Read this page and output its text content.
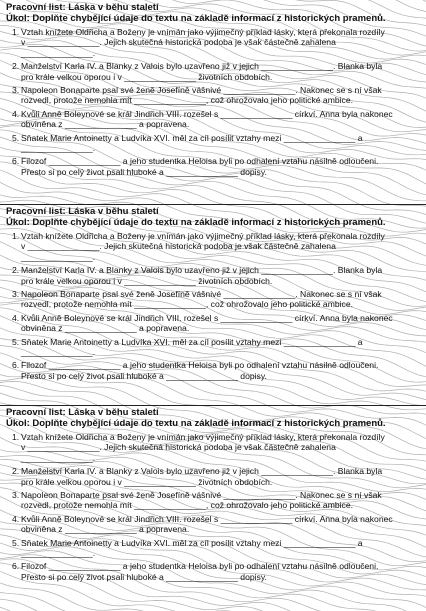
Pracovní list: Láska v běhu staletí
Úkol: Doplňte chybějící údaje do textu na základě informací z historických pramenů.
1. Vztah knížete Oldřicha a Boženy je vnímán jako výjimečný příklad lásky, která překonala rozdíly
v _______________. Jejich skutečná historická podoba je však částečně zahalena
_______________.
2. Manželství Karla IV. a Blanky z Valois bylo uzavřeno již v jejich _______________. Blanka byla
pro krále velkou oporou i v _______________ životních obdobích.
3. Napoleon Bonaparte psal své ženě Josefíně vášnivé _______________. Nakonec se s ní však
rozvedl, protože nemohla mít _______________, což ohrožovalo jeho politické ambice.
4. Kvůli Anně Boleynové se král Jindřich VIII. rozešel s _______________ církví. Anna byla nakonec
obviněna z _______________ a popravena.
5. Sňatek Marie Antoinetty a Ludvíka XVI. měl za cíl posílit vztahy mezi _______________ a
_______________.
6. Filozof _______________ a jeho studentka Heloisa byli po odhalení vztahu násilně odloučeni.
Přesto si po celý život psali hluboké a _______________ dopisy.
Pracovní list: Láska v běhu staletí
Úkol: Doplňte chybějící údaje do textu na základě informací z historických pramenů.
1. Vztah knížete Oldřicha a Boženy je vnímán jako výjimečný příklad lásky, která překonala rozdíly
v _______________. Jejich skutečná historická podoba je však částečně zahalena
_______________.
2. Manželství Karla IV. a Blanky z Valois bylo uzavřeno již v jejich _______________. Blanka byla
pro krále velkou oporou i v _______________ životních obdobích.
3. Napoleon Bonaparte psal své ženě Josefíně vášnivé _______________. Nakonec se s ní však
rozvedl, protože nemohla mít _______________, což ohrožovalo jeho politické ambice.
4. Kvůli Anně Boleynové se král Jindřich VIII. rozešel s _______________ církví. Anna byla nakonec
obviněna z _______________ a popravena.
5. Sňatek Marie Antoinetty a Ludvíka XVI. měl za cíl posílit vztahy mezi _______________ a
_______________.
6. Filozof _______________ a jeho studentka Heloisa byli po odhalení vztahu násilně odloučeni.
Přesto si po celý život psali hluboké a _______________ dopisy.
Pracovní list: Láska v běhu staletí
Úkol: Doplňte chybějící údaje do textu na základě informací z historických pramenů.
1. Vztah knížete Oldřicha a Boženy je vnímán jako výjimečný příklad lásky, která překonala rozdíly
v _______________. Jejich skutečná historická podoba je však částečně zahalena
_______________.
2. Manželství Karla IV. a Blanky z Valois bylo uzavřeno již v jejich _______________. Blanka byla
pro krále velkou oporou i v _______________ životních obdobích.
3. Napoleon Bonaparte psal své ženě Josefíně vášnivé _______________. Nakonec se s ní však
rozvedl, protože nemohla mít _______________, což ohrožovalo jeho politické ambice.
4. Kvůli Anně Boleynové se král Jindřich VIII. rozešel s _______________ církví. Anna byla nakonec
obviněna z _______________ a popravena.
5. Sňatek Marie Antoinetty a Ludvíka XVI. měl za cíl posílit vztahy mezi _______________ a
_______________.
6. Filozof _______________ a jeho studentka Heloisa byli po odhalení vztahu násilně odloučeni.
Přesto si po celý život psali hluboké a _______________ dopisy.
